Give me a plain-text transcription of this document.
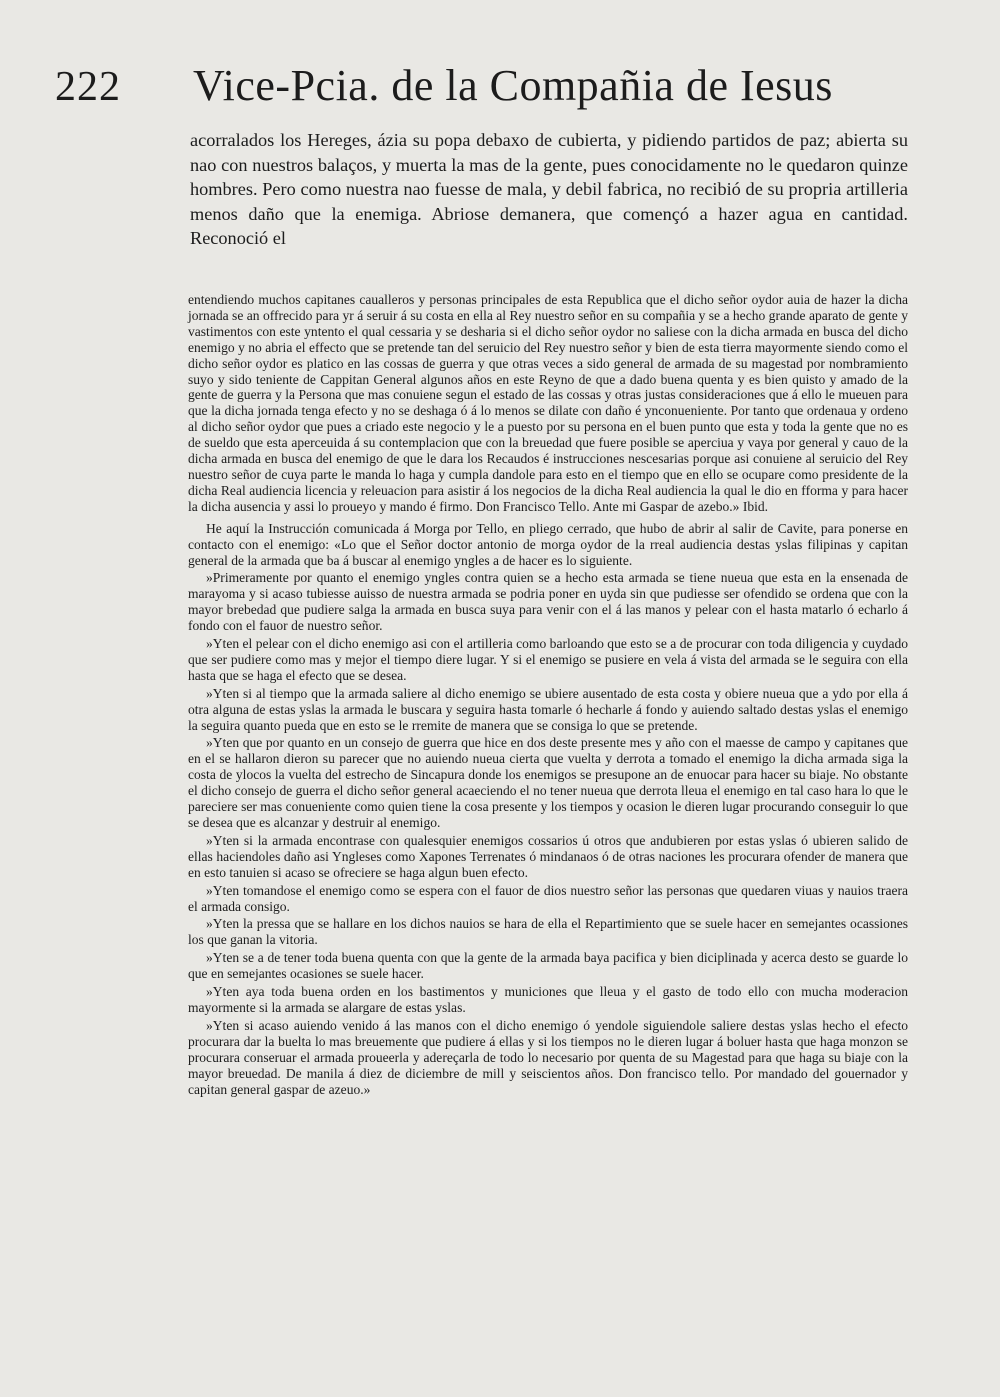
222 Vice-Pcia. de la Compañia de Iesus
acorralados los Hereges, ázia su popa debaxo de cubierta, y pidiendo partidos de paz; abierta su nao con nuestros balaços, y muerta la mas de la gente, pues conocidamente no le quedaron quinze hombres. Pero como nuestra nao fuesse de mala, y debil fabrica, no recibió de su propria artilleria menos daño que la enemiga. Abriose demanera, que començó a hazer agua en cantidad. Reconoció el

entendiendo muchos capitanes caualleros y personas principales de esta Republica que el dicho señor oydor auia de hazer la dicha jornada se an offrecido para yr á seruir á su costa en ella al Rey nuestro señor en su compañia y se a hecho grande aparato de gente y vastimentos con este yntento el qual cessaria y se desharia si el dicho señor oydor no saliese con la dicha armada en busca del dicho enemigo y no abria el effecto que se pretende tan del seruicio del Rey nuestro señor y bien de esta tierra mayormente siendo como el dicho señor oydor es platico en las cossas de guerra y que otras veces a sido general de armada de su magestad por nombramiento suyo y sido teniente de Cappitan General algunos años en este Reyno de que a dado buena quenta y es bien quisto y amado de la gente de guerra y la Persona que mas conuiene segun el estado de las cossas y otras justas consideraciones que á ello le mueuen para que la dicha jornada tenga efecto y no se deshaga ó á lo menos se dilate con daño é ynconueniente. Por tanto que ordenaua y ordeno al dicho señor oydor que pues a criado este negocio y le a puesto por su persona en el buen punto que esta y toda la gente que no es de sueldo que esta aperceuida á su contemplacion que con la breuedad que fuere posible se aperciua y vaya por general y cauo de la dicha armada en busca del enemigo de que le dara los Recaudos é instrucciones nescesarias porque asi conuiene al seruicio del Rey nuestro señor de cuya parte le manda lo haga y cumpla dandole para esto en el tiempo que en ello se ocupare como presidente de la dicha Real audiencia licencia y releuacion para asistir á los negocios de la dicha Real audiencia la qual le dio en fforma y para hacer la dicha ausencia y assi lo proueyo y mando é firmo. Don Francisco Tello. Ante mi Gaspar de azebo.» Ibid.

He aquí la Instrucción comunicada á Morga por Tello, en pliego cerrado, que hubo de abrir al salir de Cavite, para ponerse en contacto con el enemigo: «Lo que el Señor doctor antonio de morga oydor de la rreal audiencia destas yslas filipinas y capitan general de la armada que ba á buscar al enemigo yngles a de hacer es lo siguiente.

»Primeramente por quanto el enemigo yngles contra quien se a hecho esta armada se tiene nueua que esta en la ensenada de marayoma y si acaso tubiesse auisso de nuestra armada se podria poner en uyda sin que pudiesse ser ofendido se ordena que con la mayor brebedad que pudiere salga la armada en busca suya para venir con el á las manos y pelear con el hasta matarlo ó echarlo á fondo con el fauor de nuestro señor.

»Yten el pelear con el dicho enemigo asi con el artilleria como barloando que esto se a de procurar con toda diligencia y cuydado que ser pudiere como mas y mejor el tiempo diere lugar. Y si el enemigo se pusiere en vela á vista del armada se le seguira con ella hasta que se haga el efecto que se desea.

»Yten si al tiempo que la armada saliere al dicho enemigo se ubiere ausentado de esta costa y obiere nueua que a ydo por ella á otra alguna de estas yslas la armada le buscara y seguira hasta tomarle ó hecharle á fondo y auiendo saltado destas yslas el enemigo la seguira quanto pueda que en esto se le rremite de manera que se consiga lo que se pretende.

»Yten que por quanto en un consejo de guerra que hice en dos deste presente mes y año con el maesse de campo y capitanes que en el se hallaron dieron su parecer que no auiendo nueua cierta que vuelta y derrota a tomado el enemigo la dicha armada siga la costa de ylocos la vuelta del estrecho de Sincapura donde los enemigos se presupone an de enuocar para hacer su biaje. No obstante el dicho consejo de guerra el dicho señor general acaeciendo el no tener nueua que derrota lleua el enemigo en tal caso hara lo que le pareciere ser mas conueniente como quien tiene la cosa presente y los tiempos y ocasion le dieren lugar procurando conseguir lo que se desea que es alcanzar y destruir al enemigo.

»Yten si la armada encontrase con qualesquier enemigos cossarios ú otros que andubieren por estas yslas ó ubieren salido de ellas haciendoles daño asi Yngleses como Xapones Terrenates ó mindanaos ó de otras naciones les procurara ofender de manera que en esto tanuien si acaso se ofreciere se haga algun buen efecto.

»Yten tomandose el enemigo como se espera con el fauor de dios nuestro señor las personas que quedaren viuas y nauios traera el armada consigo.

»Yten la pressa que se hallare en los dichos nauios se hara de ella el Repartimiento que se suele hacer en semejantes ocassiones los que ganan la vitoria.

»Yten se a de tener toda buena quenta con que la gente de la armada baya pacifica y bien diciplinada y acerca desto se guarde lo que en semejantes ocasiones se suele hacer.

»Yten aya toda buena orden en los bastimentos y municiones que lleua y el gasto de todo ello con mucha moderacion mayormente si la armada se alargare de estas yslas.

»Yten si acaso auiendo venido á las manos con el dicho enemigo ó yendole siguiendole saliere destas yslas hecho el efecto procurara dar la buelta lo mas breuemente que pudiere á ellas y si los tiempos no le dieren lugar á boluer hasta que haga monzon se procurara conseruar el armada proueerla y adereçarla de todo lo necesario por quenta de su Magestad para que haga su biaje con la mayor breuedad. De manila á diez de diciembre de mill y seiscientos años. Don francisco tello. Por mandado del gouernador y capitan general gaspar de azeuo.»
